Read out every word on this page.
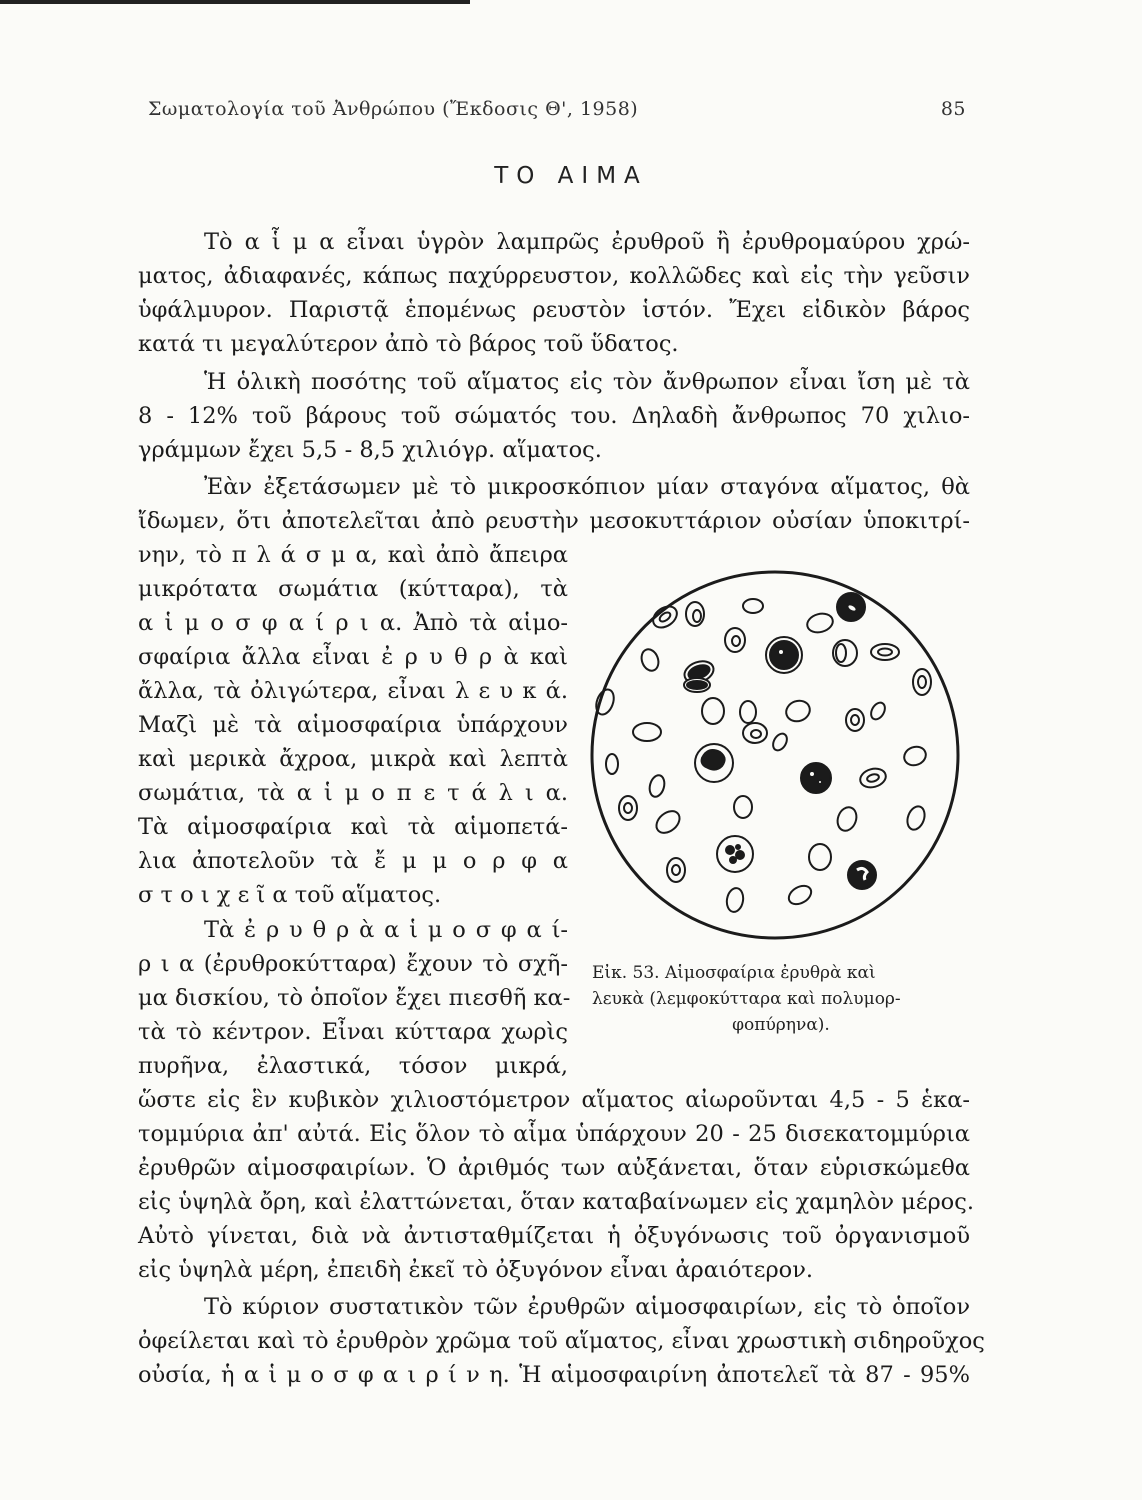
Σωματολογία τοῦ Ἀνθρώπου (Ἔκδοσις Θ', 1958)	85
ΤΟ ΑΙΜΑ
Τὸ α ἷ μ α εἶναι ὑγρὸν λαμπρῶς ἐρυθροῦ ἢ ἐρυθρομαύρου χρώ-
ματος, ἀδιαφανές, κάπως παχύρρευστον, κολλῶδες καὶ εἰς τὴν γεῦσιν
ὑφάλμυρον. Παριστᾷ ἑπομένως ρευστὸν ἱστόν. Ἔχει εἰδικὸν βάρος
κατά τι μεγαλύτερον ἀπὸ τὸ βάρος τοῦ ὕδατος.
Ἡ ὁλικὴ ποσότης τοῦ αἵματος εἰς τὸν ἄνθρωπον εἶναι ἴση μὲ τὰ
8 - 12% τοῦ βάρους τοῦ σώματός του. Δηλαδὴ ἄνθρωπος 70 χιλιο-
γράμμων ἔχει 5,5 - 8,5 χιλιόγρ. αἵματος.
Ἐὰν ἐξετάσωμεν μὲ τὸ μικροσκόπιον μίαν σταγόνα αἵματος, θὰ
ἴδωμεν, ὅτι ἀποτελεῖται ἀπὸ ρευστὴν μεσοκυττάριον οὐσίαν ὑποκιτρί-
νην, τὸ π λ ά σ μ α, καὶ ἀπὸ ἄπειρα
μικρότατα σωμάτια (κύτταρα), τὰ
α ἱ μ ο σ φ α ί ρ ι α. Ἀπὸ τὰ αἱμο-
σφαίρια ἄλλα εἶναι ἐ ρ υ θ ρ ὰ καὶ
ἄλλα, τὰ ὀλιγώτερα, εἶναι λ ε υ κ ά.
Μαζὶ μὲ τὰ αἱμοσφαίρια ὑπάρχουν
καὶ μερικὰ ἄχροα, μικρὰ καὶ λεπτὰ
σωμάτια, τὰ α ἱ μ ο π ε τ ά λ ι α.
Τὰ αἱμοσφαίρια καὶ τὰ αἱμοπετά-
λια ἀποτελοῦν τὰ ἔ μ μ ο ρ φ α
σ τ ο ι χ ε ῖ α τοῦ αἵματος.
Τὰ ἐ ρ υ θ ρ ὰ α ἱ μ ο σ φ α ί-
ρ ι α (ἐρυθροκύτταρα) ἔχουν τὸ σχῆ-
μα δισκίου, τὸ ὁποῖον ἔχει πιεσθῆ κα-
τὰ τὸ κέντρον. Εἶναι κύτταρα χωρὶς
πυρῆνα, ἐλαστικά, τόσον μικρά,
ὥστε εἰς ἓν κυβικὸν χιλιοστόμετρον αἵματος αἰωροῦνται 4,5 - 5 ἑκα-
τομμύρια ἀπ' αὐτά. Εἰς ὅλον τὸ αἷμα ὑπάρχουν 20 - 25 δισεκατομμύρια
ἐρυθρῶν αἱμοσφαιρίων. Ὁ ἀριθμός των αὐξάνεται, ὅταν εὑρισκώμεθα
εἰς ὑψηλὰ ὄρη, καὶ ἐλαττώνεται, ὅταν καταβαίνωμεν εἰς χαμηλὸν μέρος.
Αὐτὸ γίνεται, διὰ νὰ ἀντισταθμίζεται ἡ ὀξυγόνωσις τοῦ ὀργανισμοῦ
εἰς ὑψηλὰ μέρη, ἐπειδὴ ἐκεῖ τὸ ὀξυγόνον εἶναι ἀραιότερον.
Τὸ κύριον συστατικὸν τῶν ἐρυθρῶν αἱμοσφαιρίων, εἰς τὸ ὁποῖον
ὀφείλεται καὶ τὸ ἐρυθρὸν χρῶμα τοῦ αἵματος, εἶναι χρωστικὴ σιδηροῦχος
οὐσία, ἡ α ἱ μ ο σ φ α ι ρ ί ν η. Ἡ αἱμοσφαιρίνη ἀποτελεῖ τὰ 87 - 95%
Εἰκ. 53. Αἱμοσφαίρια ἐρυθρὰ καὶ
λευκὰ (λεμφοκύτταρα καὶ πολυμορ-
φοπύρηνα).
